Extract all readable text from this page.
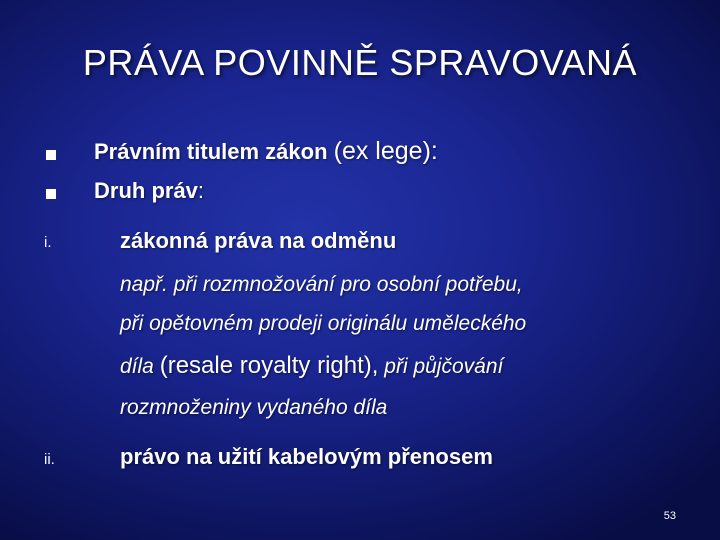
PRÁVA POVINNĚ SPRAVOVANÁ
Právním titulem zákon (ex lege):
Druh práv:
i.	zákonná práva na odměnu
např. při rozmnožování pro osobní potřebu,
při opětovném prodeji originálu uměleckého
díla (resale royalty right), při půjčování
rozmnoženiny vydaného díla
ii.	právo na užití kabelovým přenosem
53
